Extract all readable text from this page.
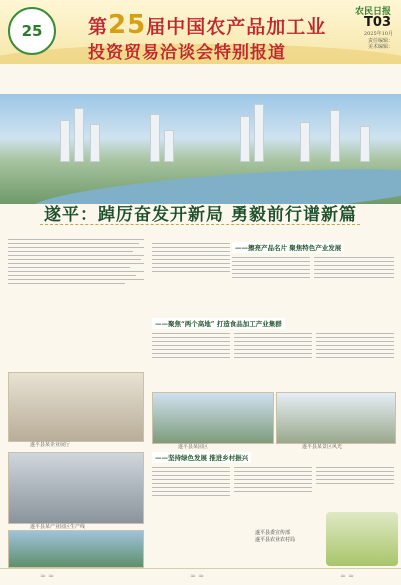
25 第25届中国农产品加工业
投资贸易洽谈会特别报道
农民日报
T03
2025年10月
责任编辑：
美术编辑：
遂平：踔厉奋发开新局 勇毅前行谱新篇
——擦亮产品名片 聚焦特色产业发展
遂平县某企业展厅
遂平县某产业园区生产线
——聚焦“两个高地” 打造食品加工产业集群
遂平县某园区	遂平县某景区风光
——坚持绿色发展 推进乡村振兴
遂平县委宣传部
遂平县农业农村局
≈ ≈	≈ ≈	≈ ≈
